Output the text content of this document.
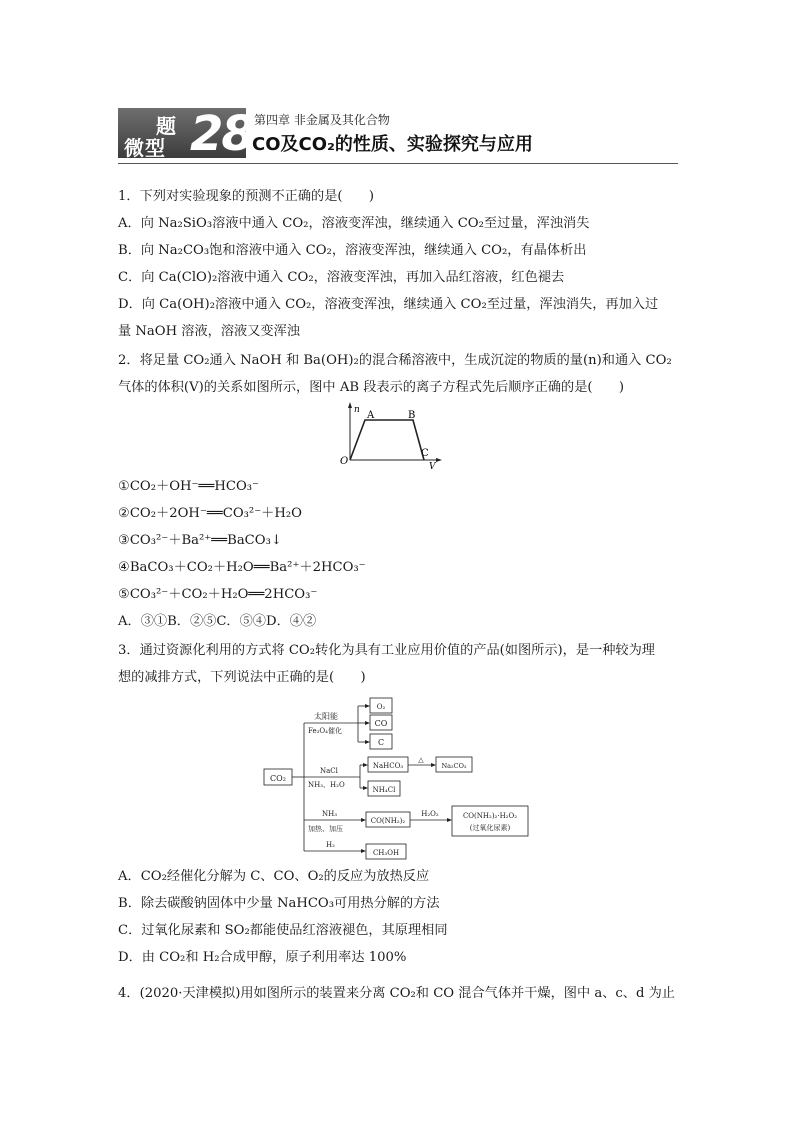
题
微型 28 第四章 非金属及其化合物
CO及CO₂的性质、实验探究与应用
1．下列对实验现象的预测不正确的是(　　)
A．向 Na₂SiO₃溶液中通入 CO₂，溶液变浑浊，继续通入 CO₂至过量，浑浊消失
B．向 Na₂CO₃饱和溶液中通入 CO₂，溶液变浑浊，继续通入 CO₂，有晶体析出
C．向 Ca(ClO)₂溶液中通入 CO₂，溶液变浑浊，再加入品红溶液，红色褪去
D．向 Ca(OH)₂溶液中通入 CO₂，溶液变浑浊，继续通入 CO₂至过量，浑浊消失，再加入过
量 NaOH 溶液，溶液又变浑浊
2．将足量 CO₂通入 NaOH 和 Ba(OH)₂的混合稀溶液中，生成沉淀的物质的量(n)和通入 CO₂
气体的体积(V)的关系如图所示，图中 AB 段表示的离子方程式先后顺序正确的是(　　)
n
V
O
A	B
C
①CO₂＋OH⁻══HCO₃⁻
②CO₂＋2OH⁻══CO₃²⁻＋H₂O
③CO₃²⁻＋Ba²⁺══BaCO₃↓
④BaCO₃＋CO₂＋H₂O══Ba²⁺＋2HCO₃⁻
⑤CO₃²⁻＋CO₂＋H₂O══2HCO₃⁻
A．③①B．②⑤C．⑤④D．④②
3．通过资源化利用的方式将 CO₂转化为具有工业应用价值的产品(如图所示)，是一种较为理
想的减排方式，下列说法中正确的是(　　)
CO₂
太阳能
Fe₃O₄催化
O₂
CO
C
NaCl
NH₃、H₂O
NaHCO₃
△
Na₂CO₃
NH₄Cl
NH₃
加热、加压
CO(NH₂)₂
H₂O₂	CO(NH₂)₂·H₂O₂
(过氧化尿素)
H₂
CH₃OH
A．CO₂经催化分解为 C、CO、O₂的反应为放热反应
B．除去碳酸钠固体中少量 NaHCO₃可用热分解的方法
C．过氧化尿素和 SO₂都能使品红溶液褪色，其原理相同
D．由 CO₂和 H₂合成甲醇，原子利用率达 100%
4．(2020·天津模拟)用如图所示的装置来分离 CO₂和 CO 混合气体并干燥，图中 a、c、d 为止
